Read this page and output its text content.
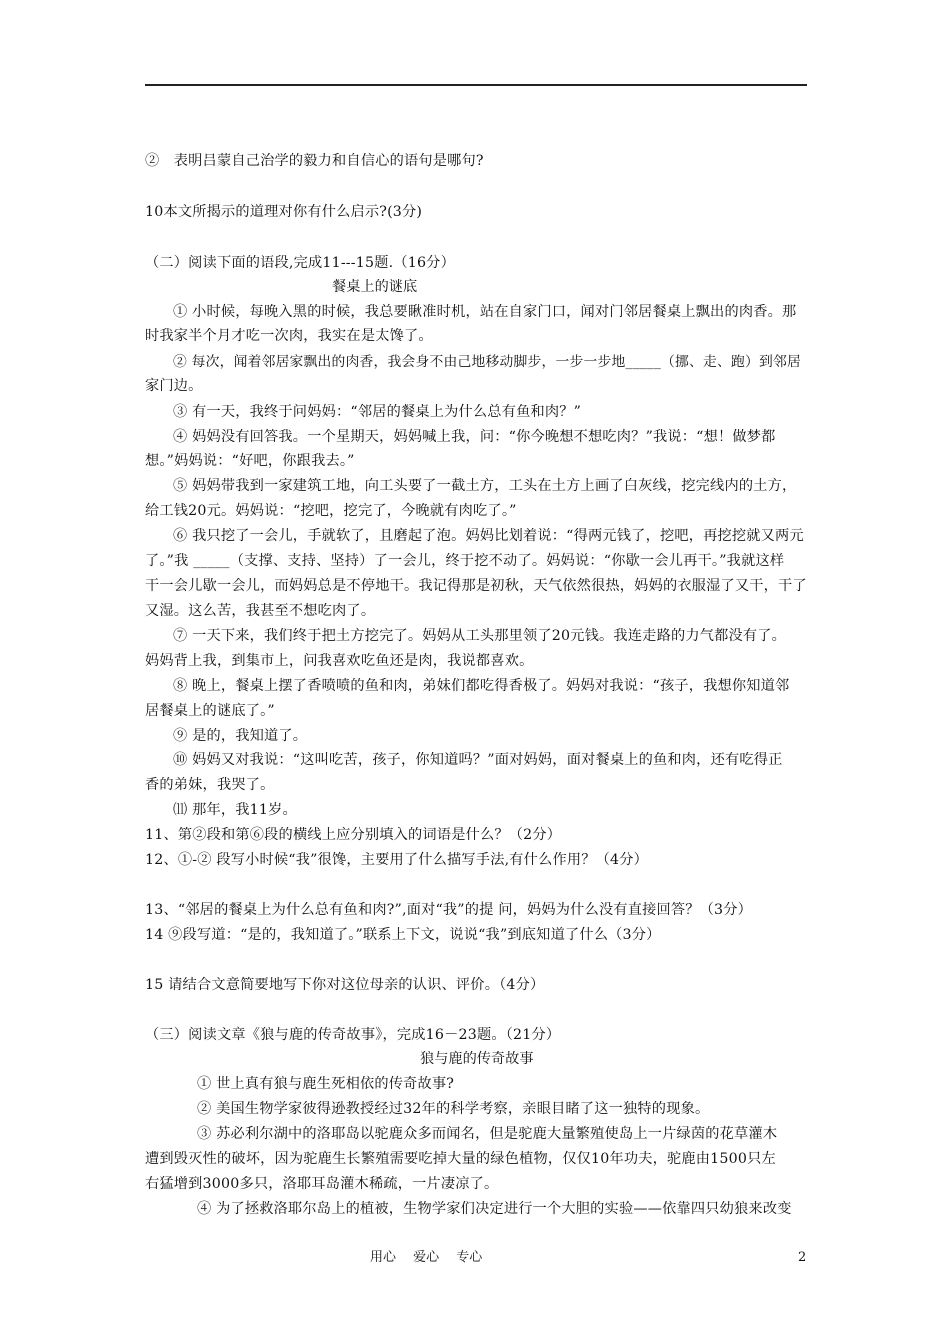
②　表明吕蒙自己治学的毅力和自信心的语句是哪句?
10本文所揭示的道理对你有什么启示?(3分)
（二）阅读下面的语段,完成11---15题.（16分）
餐桌上的谜底
① 小时候，每晚入黑的时候，我总要瞅准时机，站在自家门口，闻对门邻居餐桌上飘出的肉香。那
时我家半个月才吃一次肉，我实在是太馋了。
② 每次，闻着邻居家飘出的肉香，我会身不由己地移动脚步，一步一步地_____（挪、走、跑）到邻居
家门边。
③ 有一天，我终于问妈妈：“邻居的餐桌上为什么总有鱼和肉？”
④ 妈妈没有回答我。一个星期天，妈妈喊上我，问：“你今晚想不想吃肉？”我说：“想！做梦都
想。”妈妈说：“好吧，你跟我去。”
⑤ 妈妈带我到一家建筑工地，向工头要了一截土方，工头在土方上画了白灰线，挖完线内的土方，
给工钱20元。妈妈说：“挖吧，挖完了，今晚就有肉吃了。”
⑥ 我只挖了一会儿，手就软了，且磨起了泡。妈妈比划着说：“得两元钱了，挖吧，再挖挖就又两元
了。”我 _____（支撑、支持、坚持）了一会儿，终于挖不动了。妈妈说：“你歇一会儿再干。”我就这样
干一会儿歇一会儿，而妈妈总是不停地干。我记得那是初秋，天气依然很热，妈妈的衣服湿了又干，干了
又湿。这么苦，我甚至不想吃肉了。
⑦ 一天下来，我们终于把土方挖完了。妈妈从工头那里领了20元钱。我连走路的力气都没有了。
妈妈背上我，到集市上，问我喜欢吃鱼还是肉，我说都喜欢。
⑧ 晚上，餐桌上摆了香喷喷的鱼和肉，弟妹们都吃得香极了。妈妈对我说：“孩子，我想你知道邻
居餐桌上的谜底了。”
⑨ 是的，我知道了。
⑩ 妈妈又对我说：“这叫吃苦，孩子，你知道吗？”面对妈妈，面对餐桌上的鱼和肉，还有吃得正
香的弟妹，我哭了。
⑾ 那年，我11岁。
11、第②段和第⑥段的横线上应分别填入的词语是什么？（2分）
12、①-② 段写小时候“我”很馋，主要用了什么描写手法,有什么作用？（4分）
13、“邻居的餐桌上为什么总有鱼和肉?”,面对“我”的提 问，妈妈为什么没有直接回答？（3分）
14 ⑨段写道：“是的，我知道了。”联系上下文，说说“我”到底知道了什么（3分）
15 请结合文意简要地写下你对这位母亲的认识、评价。（4分）
（三）阅读文章《狼与鹿的传奇故事》，完成16－23题。（21分）
狼与鹿的传奇故事
① 世上真有狼与鹿生死相依的传奇故事?
② 美国生物学家彼得逊教授经过32年的科学考察，亲眼目睹了这一独特的现象。
③ 苏必利尔湖中的洛耶岛以驼鹿众多而闻名，但是驼鹿大量繁殖使岛上一片绿茵的花草灌木
遭到毁灭性的破坏，因为驼鹿生长繁殖需要吃掉大量的绿色植物，仅仅10年功夫，驼鹿由1500只左
右猛增到3000多只，洛耶耳岛灌木稀疏，一片凄凉了。
④ 为了拯救洛耶尔岛上的植被，生物学家们决定进行一个大胆的实验——依靠四只幼狼来改变
用心　 爱心　 专心	2
